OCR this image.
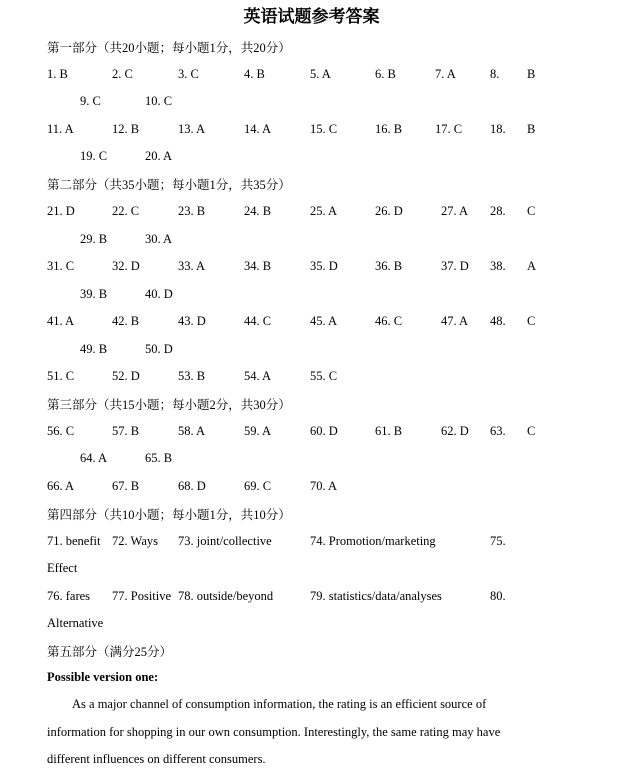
英语试题参考答案
第一部分（共20小题；每小题1分，共20分）
1. B	2. C	3. C	4. B	5. A	6. B	7. A	8. B
9. C	10. C
11. A	12. B	13. A	14. A	15. C	16. B	17. C 18. B
19. C	20. A
第二部分（共35小题；每小题1分，共35分）
21. D	22. C	23. B	24. B	25. A	26. D	27. A 28. C
29. B	30. A
31. C	32. D	33. A	34. B	35. D	36. B	37. D 38. A
39. B	40. D
41. A	42. B	43. D	44. C	45. A	46. C	47. A 48. C
49. B	50. D
51. C	52. D	53. B	54. A	55. C
第三部分（共15小题；每小题2分，共30分）
56. C	57. B	58. A	59. A	60. D	61. B	62. D 63. C
64. A	65. B
66. A	67. B	68. D	69. C	70. A
第四部分（共10小题；每小题1分，共10分）
71. benefit 72. Ways 73. joint/collective	74. Promotion/marketing	75.
Effect
76. fares 77. Positive 78. outside/beyond	79. statistics/data/analyses	80.
Alternative
第五部分（满分25分）
Possible version one:
As a major channel of consumption information, the rating is an efficient source of
information for shopping in our own consumption. Interestingly, the same rating may have
different influences on different consumers.
